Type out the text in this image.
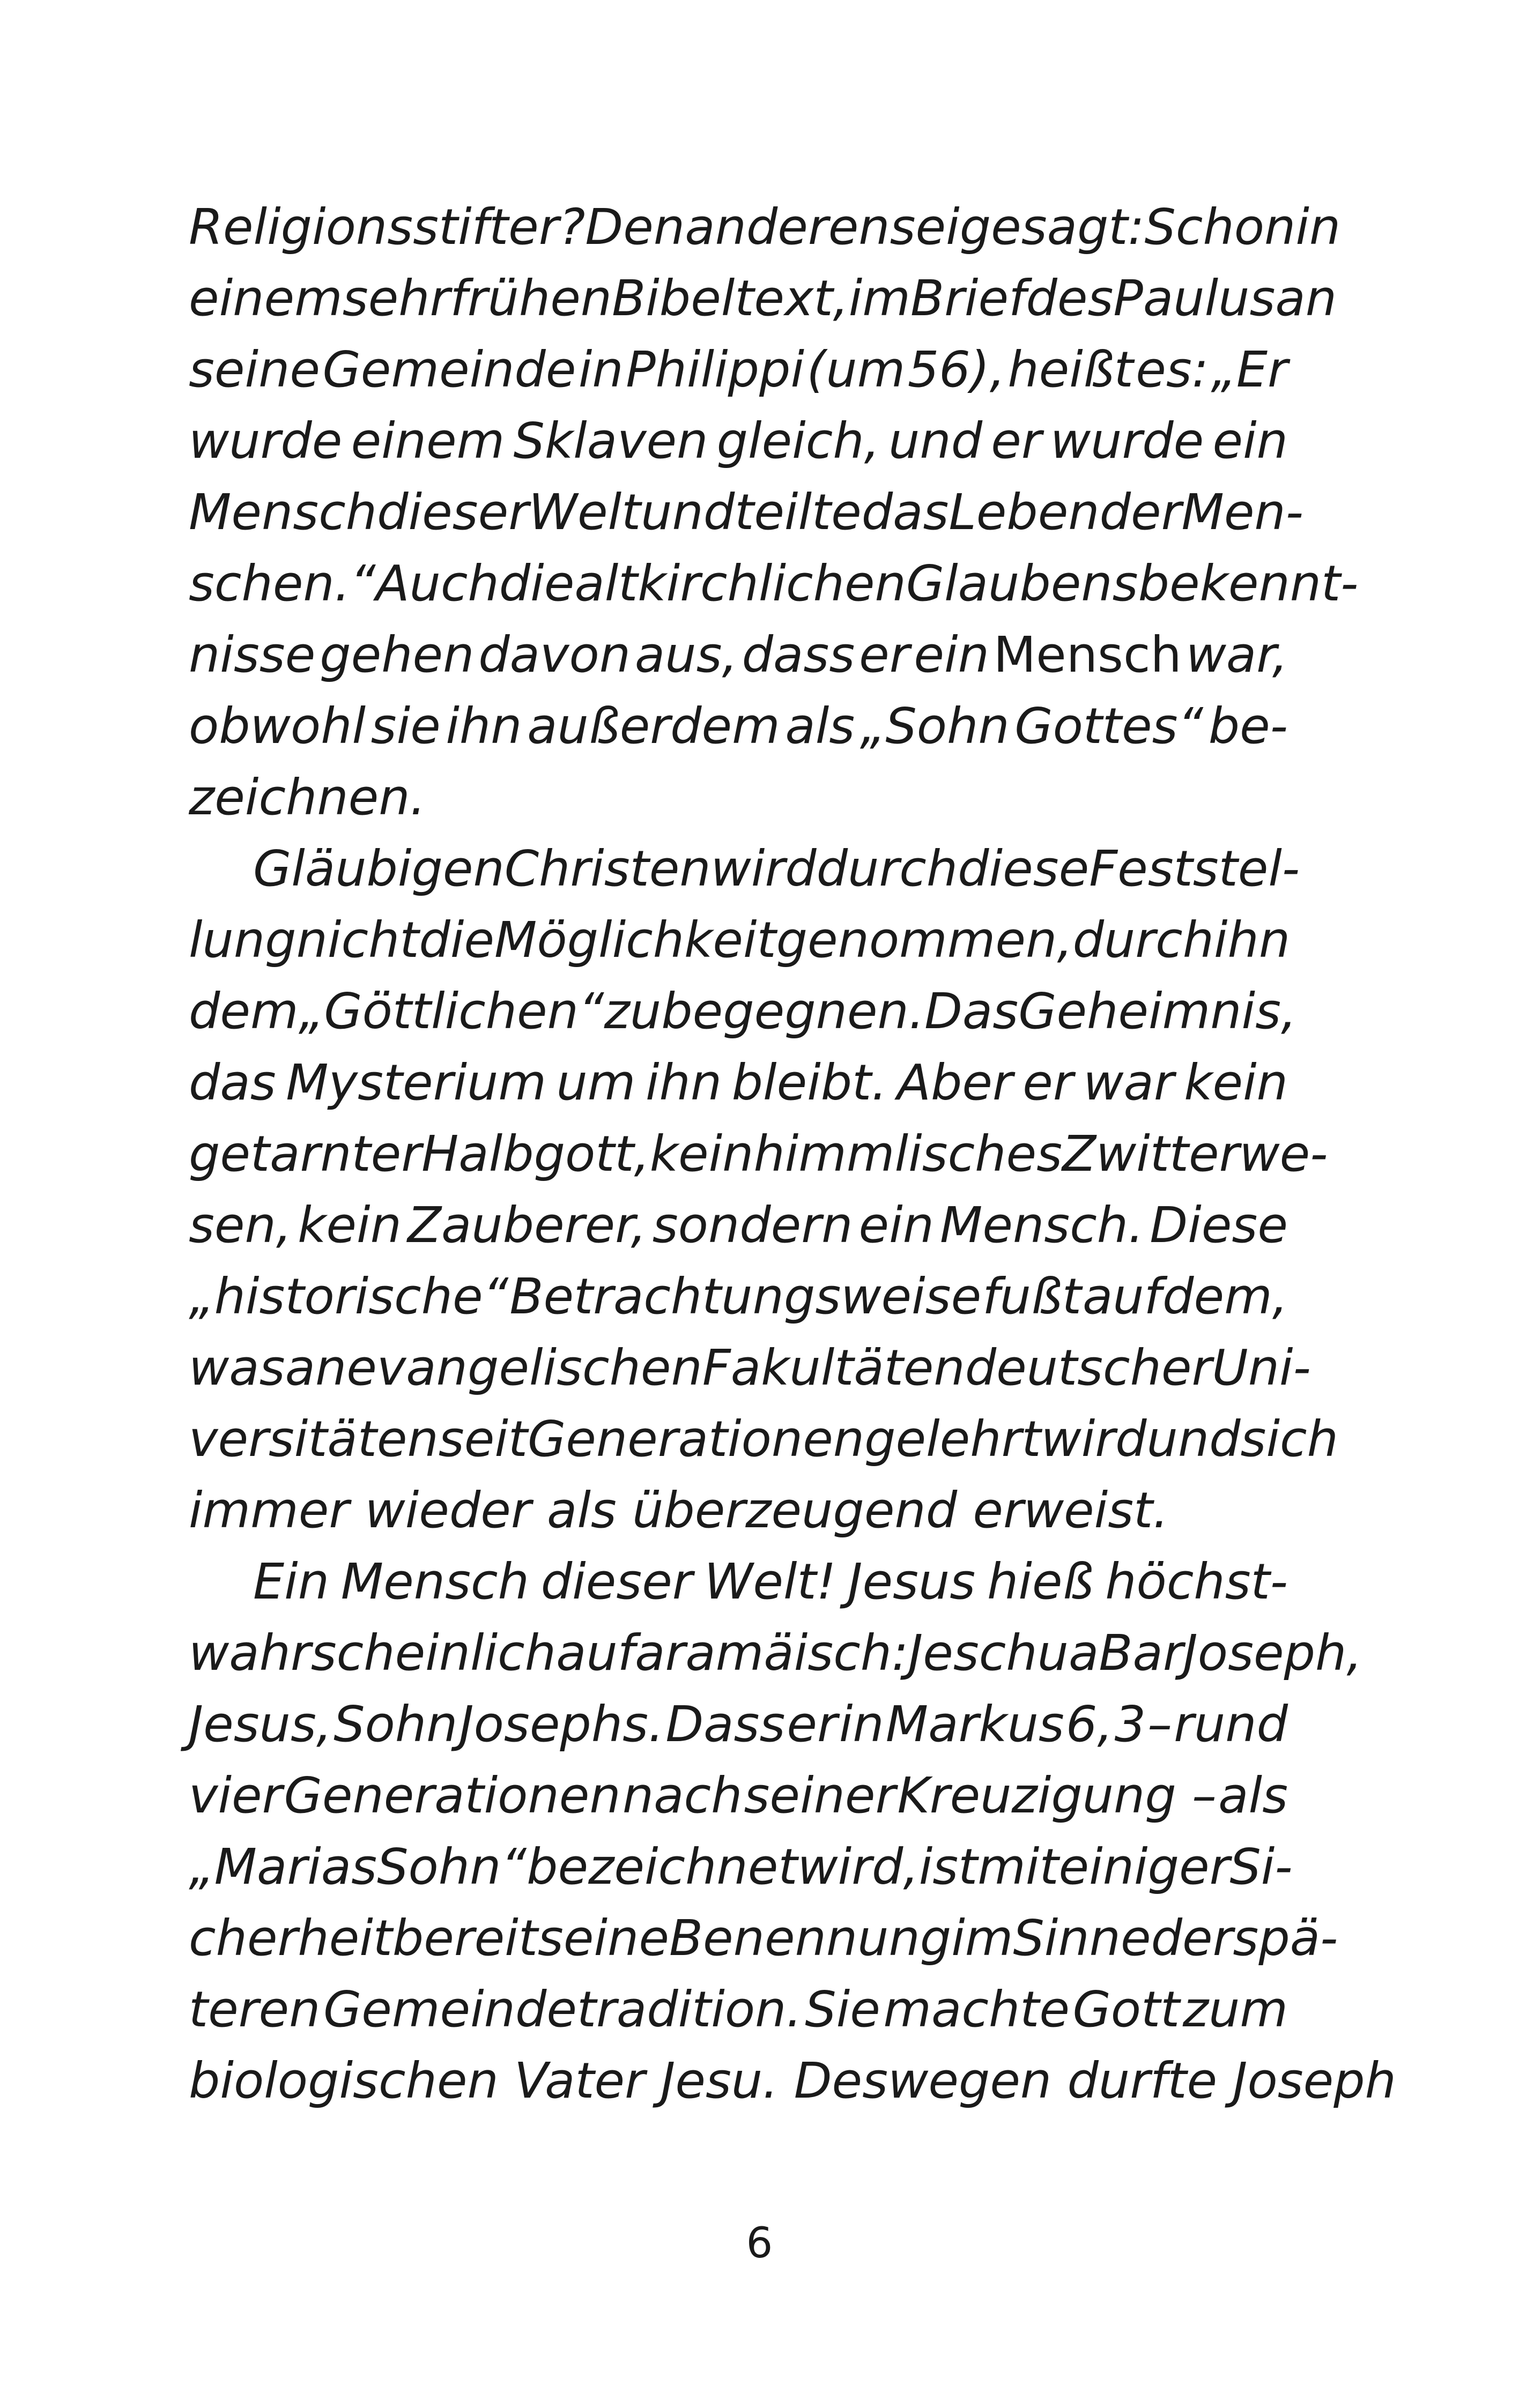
Religionsstifter? Den anderen sei gesagt: Schon in
einem sehr frühen Bibeltext, im Brief des Paulus an
seine Gemeinde in Philippi (um 56), heißt es: „Er
wurde einem Sklaven gleich, und er wurde ein
Mensch dieser Welt und teilte das Leben der Men-
schen.“ Auch die altkirchlichen Glaubensbekennt-
nisse gehen davon aus, dass er ein Mensch war,
obwohl sie ihn außerdem als „Sohn Gottes“ be-
zeichnen.
Gläubigen Christen wird durch diese Feststel-
lung nicht die Möglichkeit genommen, durch ihn
dem „Göttlichen“ zu begegnen. Das Geheimnis,
das Mysterium um ihn bleibt. Aber er war kein
getarnter Halbgott, kein himmlisches Zwitterwe-
sen, kein Zauberer, sondern ein Mensch. Diese
„historische“ Betrachtungsweise fußt auf dem,
was an evangelischen Fakultäten deutscher Uni-
versitäten seit Generationen gelehrt wird und sich
immer
wieder
als
überzeugend
erweist.
Ein Mensch dieser Welt! Jesus hieß höchst-
wahrscheinlich auf aramäisch: Jeschua Bar Joseph,
Jesus, Sohn Josephs. Dass er in Markus 6, 3 – rund
vier Generationen nach seiner Kreuzigung – als
„Marias Sohn“ bezeichnet wird, ist mit einiger Si-
cherheit bereits eine Benennung im Sinne der spä-
teren Gemeindetradition. Sie machte Gott zum
biologischen
Vater
Jesu.
Deswegen
durfte
Joseph
6
